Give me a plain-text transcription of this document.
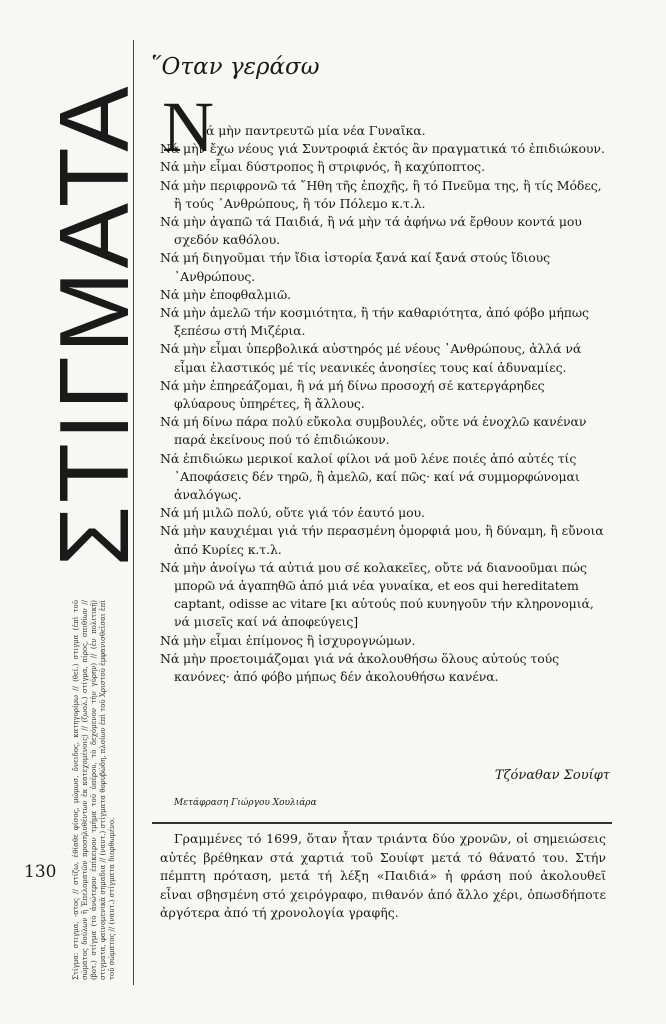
ΣΤΙΓΜΑΤΑ
Στίγμα: στιγμα, -ατος // στίζω, ἐθίαθε φίσος, μώμωσ, ὄνειδος, κατηγορίμω // (θεί.) στιγμα (ἐπὶ τοῦ σώματος δούλων ἢ Ἐπελοματῶν προσηλυθέντων ἐκ κατεχομένοις) // (ζωολ.) στίγμα, πίρος, σπιθίων // (βοτ.) στίγμα (τὸ ἀνώτερον ἐπίκειρον τμῆμα τοῦ ὑπέρου, τὸ δεχόμενον τὴν γύρην) // (ἐν πολιτικῇ) στιγματα, φαινομενικὰ σημαδια // (ναυτ.) στίγματα θορυβώδη, πλοίων ἐπὶ τοῦ Χριστοῦ ἐμφανισθεῖσαι ἐπὶ τοῦ σώματος // (ναυτ.) στίγματα διορθωμένο.
130
῞Οταν γεράσω
N
ά μὴν παντρευτῶ μία νέα Γυναῖκα.
Νά μὴν ἔχω νέους γιά Συντροφιά ἐκτός ἂν πραγματικά τό ἐπιδιώκουν.
Νά μὴν εἶμαι δύστροπος ἢ στριφνός, ἢ καχύποπτος.
Νά μὴν περιφρονῶ τά ῎Ηθη τῆς ἐποχῆς, ἢ τό Πνεῦμα της, ἢ τίς Μόδες, ἢ τούς ᾿Ανθρώπους, ἢ τόν Πόλεμο κ.τ.λ.
Νά μὴν ἀγαπῶ τά Παιδιά, ἢ νά μὴν τά ἀφήνω νά ἔρθουν κοντά μου σχεδόν καθόλου.
Νά μή διηγοῦμαι τήν ἴδια ἱστορία ξανά καί ξανά στούς ἴδιους ᾿Ανθρώπους.
Νά μὴν ἐποφθαλμιῶ.
Νά μὴν ἀμελῶ τήν κοσμιότητα, ἢ τήν καθαριότητα, ἀπό φόβο μήπως ξεπέσω στή Μιζέρια.
Νά μὴν εἶμαι ὑπερβολικά αὐστηρός μέ νέους ᾿Ανθρώπους, ἀλλά νά εἶμαι ἐλαστικός μέ τίς νεανικές ἀνοησίες τους καί ἀδυναμίες.
Νά μὴν ἐπηρεάζομαι, ἢ νά μή δίνω προσοχή σέ κατεργάρηδες φλύαρους ὑπηρέτες, ἢ ἄλλους.
Νά μή δίνω πάρα πολύ εὔκολα συμβουλές, οὔτε νά ἐνοχλῶ κανέναν παρά ἐκείνους πού τό ἐπιδιώκουν.
Νά ἐπιδιώκω μερικοί καλοί φίλοι νά μοῦ λένε ποιές ἀπό αὐτές τίς ᾿Αποφάσεις δέν τηρῶ, ἢ ἀμελῶ, καί πῶς· καί νά συμμορφώνομαι ἀναλόγως.
Νά μή μιλῶ πολύ, οὔτε γιά τόν ἑαυτό μου.
Νά μὴν καυχιέμαι γιά τήν περασμένη ὀμορφιά μου, ἢ δύναμη, ἢ εὔνοια ἀπό Κυρίες κ.τ.λ.
Νά μὴν ἀνοίγω τά αὐτιά μου σέ κολακεῖες, οὔτε νά διανοοῦμαι πώς μπορῶ νά ἀγαπηθῶ ἀπό μιά νέα γυναίκα, et eos qui hereditatem captant, odisse ac vitare [κι αὐτούς πού κυνηγοῦν τήν κληρονομιά, νά μισεῖς καί νά ἀποφεύγεις]
Νά μὴν εἶμαι ἐπίμονος ἢ ἰσχυρογνώμων.
Νά μὴν προετοιμάζομαι γιά νά ἀκολουθήσω ὅλους αὐτούς τούς κανόνες· ἀπό φόβο μήπως δέν ἀκολουθήσω κανένα.
Τζόναθαν Σουίφτ
Μετάφραση Γιώργου Χουλιάρα
Γραμμένες τό 1699, ὅταν ἦταν τριάντα δύο χρονῶν, οἱ σημειώσεις αὐτές βρέθηκαν στά χαρτιά τοῦ Σουίφτ μετά τό θάνατό του. Στήν πέμπτη πρόταση, μετά τή λέξη «Παιδιά» ἡ φράση πού ἀκολουθεῖ εἶναι σβησμένη στό χειρόγραφο, πιθανόν ἀπό ἄλλο χέρι, ὁπωσδήποτε ἀργότερα ἀπό τή χρονολογία γραφῆς.
